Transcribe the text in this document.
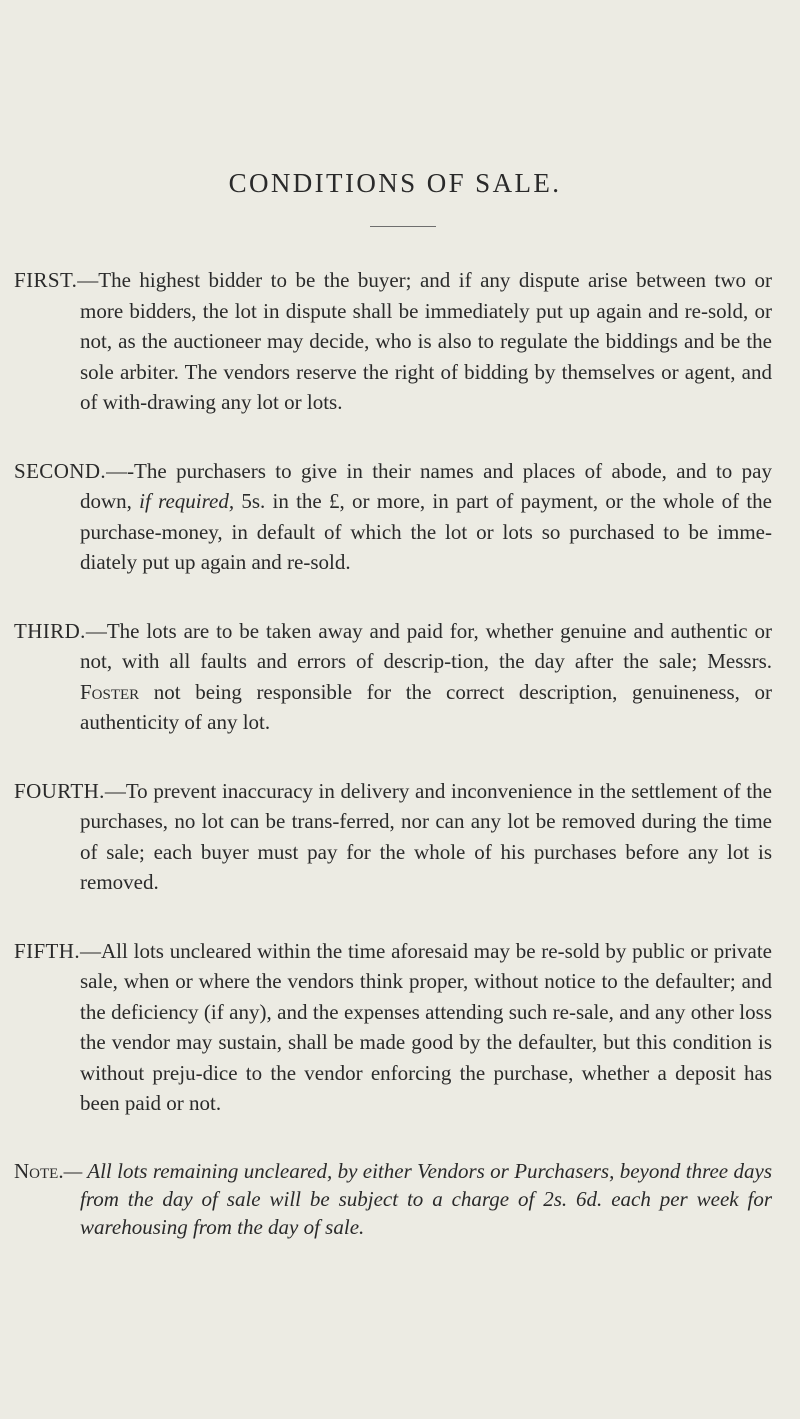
CONDITIONS OF SALE.

FIRST.—The highest bidder to be the buyer; and if any dispute arise between two or more bidders, the lot in dispute shall be immediately put up again and re-sold, or not, as the auctioneer may decide, who is also to regulate the biddings and be the sole arbiter. The vendors reserve the right of bidding by themselves or agent, and of with-drawing any lot or lots.

SECOND.—-The purchasers to give in their names and places of abode, and to pay down, if required, 5s. in the £, or more, in part of payment, or the whole of the purchase-money, in default of which the lot or lots so purchased to be imme-diately put up again and re-sold.

THIRD.—The lots are to be taken away and paid for, whether genuine and authentic or not, with all faults and errors of descrip-tion, the day after the sale; Messrs. Foster not being responsible for the correct description, genuineness, or authenticity of any lot.

FOURTH.—To prevent inaccuracy in delivery and inconvenience in the settlement of the purchases, no lot can be trans-ferred, nor can any lot be removed during the time of sale; each buyer must pay for the whole of his purchases before any lot is removed.

FIFTH.—All lots uncleared within the time aforesaid may be re-sold by public or private sale, when or where the vendors think proper, without notice to the defaulter; and the deficiency (if any), and the expenses attending such re-sale, and any other loss the vendor may sustain, shall be made good by the defaulter, but this condition is without preju-dice to the vendor enforcing the purchase, whether a deposit has been paid or not.

Note.— All lots remaining uncleared, by either Vendors or Purchasers, beyond three days from the day of sale will be subject to a charge of 2s. 6d. each per week for warehousing from the day of sale.
